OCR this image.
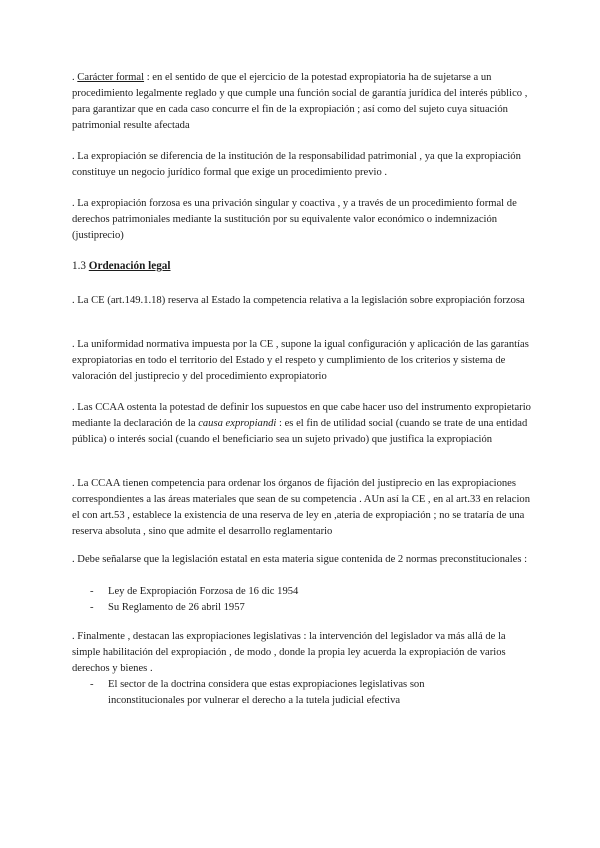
. Carácter formal : en el sentido de que el ejercicio de la potestad expropiatoria ha de sujetarse a un procedimiento legalmente reglado y que cumple una función social de garantía jurídica del interés público , para garantizar que en cada caso concurre el fin de la expropiación ; así como del sujeto cuya situación patrimonial resulte afectada

. La expropiación se diferencia de la institución de la responsabilidad patrimonial , ya que la expropiación constituye un negocio jurídico formal que exige un procedimiento previo .

. La expropiación forzosa es una privación singular y coactiva , y a través de un procedimiento formal de derechos patrimoniales mediante la sustitución por su equivalente valor económico o indemnización (justiprecio)

1.3 Ordenación legal

. La CE (art.149.1.18) reserva al Estado la competencia relativa a la legislación sobre expropiación forzosa

. La uniformidad normativa impuesta por la CE , supone la igual configuración y aplicación de las garantías expropiatorias en todo el territorio del Estado y el respeto y cumplimiento de los criterios y sistema de valoración del justiprecio y del procedimiento expropiatorio

. Las CCAA ostenta la potestad de definir los supuestos en que cabe hacer uso del instrumento expropietario mediante la declaración de la causa expropiandi : es el fin de utilidad social (cuando se trate de una entidad pública) o interés social (cuando el beneficiario sea un sujeto privado) que justifica la expropiación

. La CCAA tienen competencia para ordenar los órganos de fijación del justiprecio en las expropiaciones correspondientes a las áreas materiales que sean de su competencia . AUn así la CE , en al art.33 en relacion el con art.53 , establece la existencia de una reserva de ley en ,ateria de expropiación ; no se trataría de una reserva absoluta , sino que admite el desarrollo reglamentario

. Debe señalarse que la legislación estatal en esta materia sigue contenida de 2 normas preconstitucionales :

- Ley de Expropiación Forzosa de 16 dic 1954
- Su Reglamento de 26 abril 1957

. Finalmente , destacan las expropiaciones legislativas : la intervención del legislador va más allá de la simple habilitación del expropiación , de modo , donde la propia ley acuerda la expropiación de varios derechos y bienes .

- El sector de la doctrina considera que estas expropiaciones legislativas son inconstitucionales por vulnerar el derecho a la tutela judicial efectiva
